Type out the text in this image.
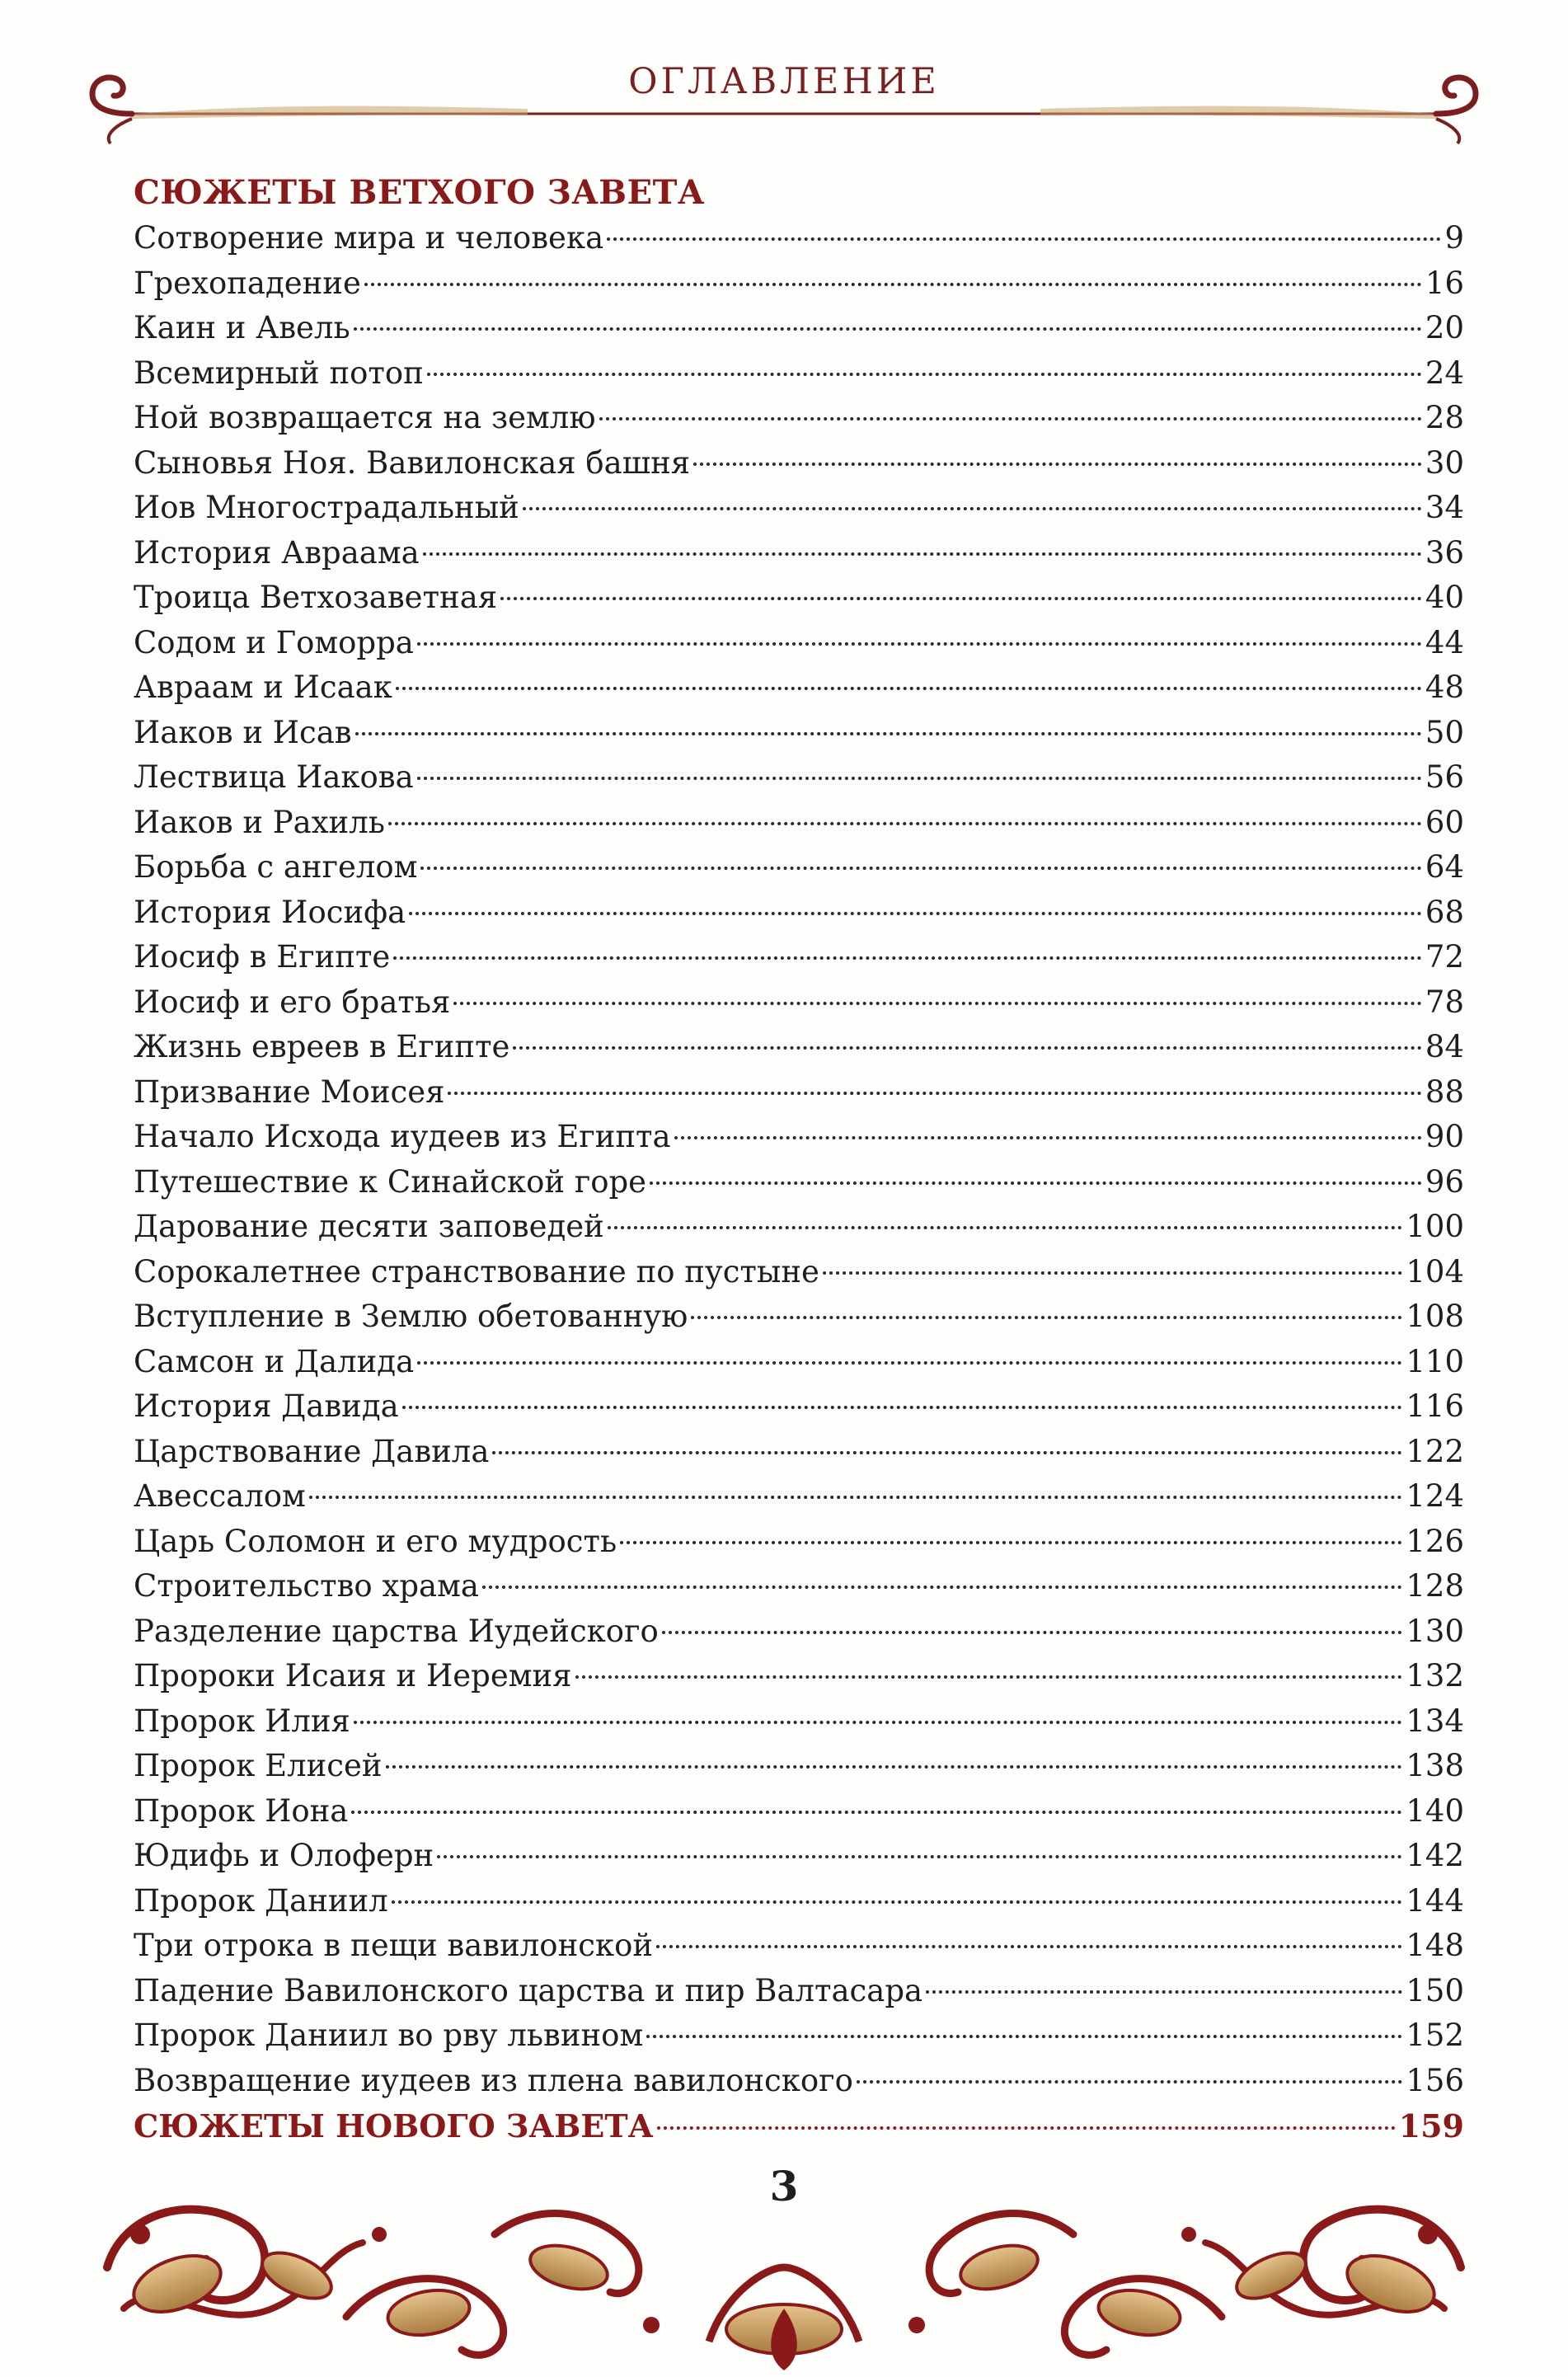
ОГЛАВЛЕНИЕ
СЮЖЕТЫ ВЕТХОГО ЗАВЕТА
Сотворение мира и человека	9
Грехопадение	16
Каин и Авель	20
Всемирный потоп	24
Ной возвращается на землю	28
Сыновья Ноя. Вавилонская башня	30
Иов Многострадальный	34
История Авраама	36
Троица Ветхозаветная	40
Содом и Гоморра	44
Авраам и Исаак	48
Иаков и Исав	50
Лествица Иакова	56
Иаков и Рахиль	60
Борьба с ангелом	64
История Иосифа	68
Иосиф в Египте	72
Иосиф и его братья	78
Жизнь евреев в Египте	84
Призвание Моисея	88
Начало Исхода иудеев из Египта	90
Путешествие к Синайской горе	96
Дарование десяти заповедей	100
Сорокалетнее странствование по пустыне	104
Вступление в Землю обетованную	108
Самсон и Далида	110
История Давида	116
Царствование Давила	122
Авессалом	124
Царь Соломон и его мудрость	126
Строительство храма	128
Разделение царства Иудейского	130
Пророки Исаия и Иеремия	132
Пророк Илия	134
Пророк Елисей	138
Пророк Иона	140
Юдифь и Олоферн	142
Пророк Даниил	144
Три отрока в пещи вавилонской	148
Падение Вавилонского царства и пир Валтасара	150
Пророк Даниил во рву львином	152
Возвращение иудеев из плена вавилонского	156
СЮЖЕТЫ НОВОГО ЗАВЕТА	159
3
